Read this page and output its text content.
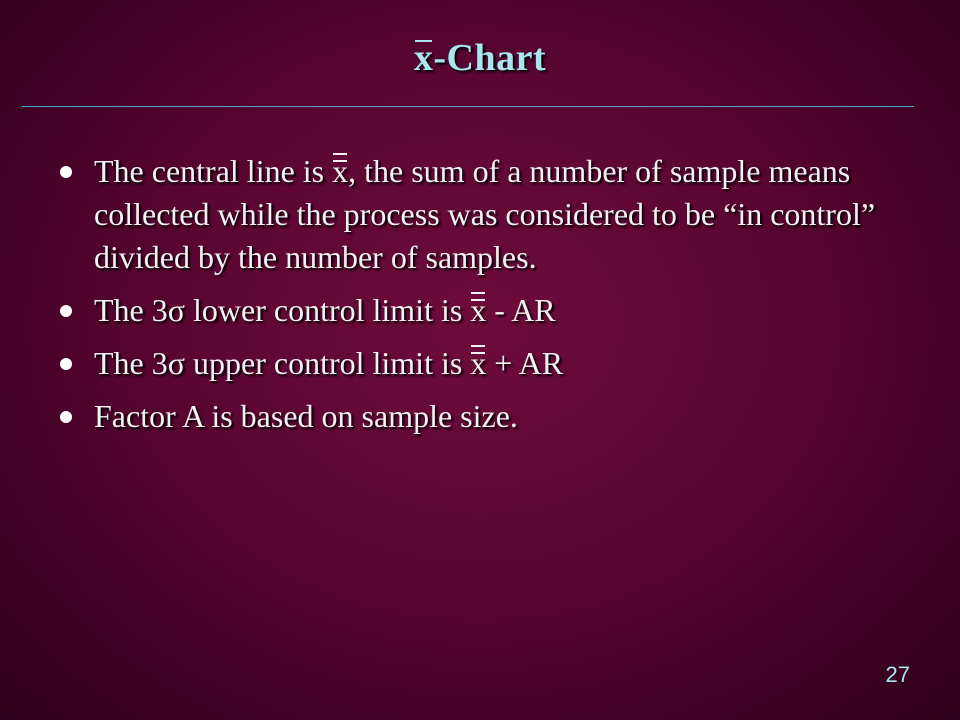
x-Chart
The central line is x, the sum of a number of sample means collected while the process was considered to be “in control” divided by the number of samples.
The 3σ lower control limit is x - AR
The 3σ upper control limit is x + AR
Factor A is based on sample size.
27
